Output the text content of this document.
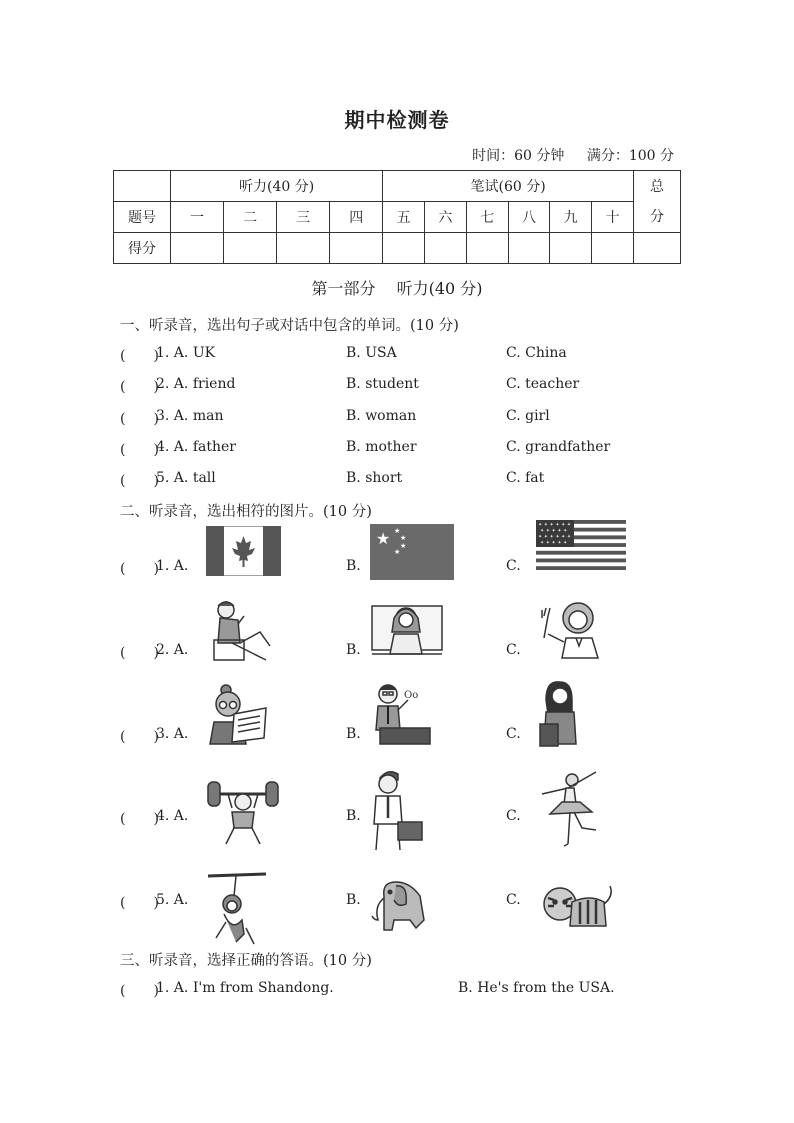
期中检测卷
时间：60 分钟 满分：100 分
	听力(40 分)				笔试(60 分)						总分

题号	一	二	三	四	五	六	七	八	九	十	
得分											
第一部分 听力(40 分)
一、听录音，选出句子或对话中包含的单词。(10 分)
(　　)
1. A. UK	B. USA	C. China
(　　)
2. A. friend	B. student	C. teacher
(　　)
3. A. man	B. woman	C. girl
(　　)
4. A. father	B. mother	C. grandfather
(　　)
5. A. tall	B. short	C. fat
二、听录音，选出相符的图片。(10 分)
(　　)
1. A.	B.	C.
★ ★
★
★
★
✦ ✦ ✦ ✦ ✦ ✦
✦ ✦ ✦ ✦ ✦
✦ ✦ ✦ ✦ ✦ ✦
✦ ✦ ✦ ✦ ✦
(　　)
2. A.	B.	C.
(　　)
3. A.	B.	C.
Oo
(　　)
4. A.	B.	C.
(　　)
5. A.	B.	C.
三、听录音，选择正确的答语。(10 分)
(　　)
1. A. I'm from Shandong.	B. He's from the USA.
